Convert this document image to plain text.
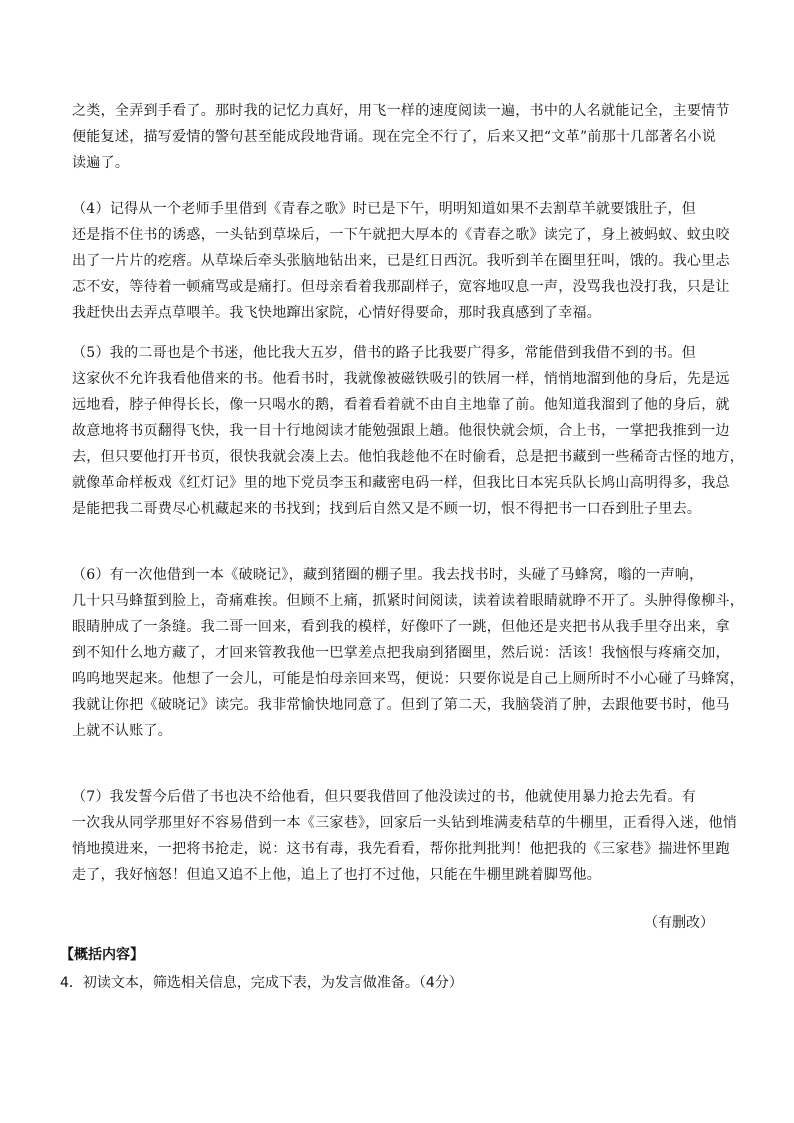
之类，全弄到手看了。那时我的记忆力真好，用飞一样的速度阅读一遍，书中的人名就能记全，主要情节
便能复述，描写爱情的警句甚至能成段地背诵。现在完全不行了，后来又把“文革”前那十几部著名小说
读遍了。
（4）记得从一个老师手里借到《青春之歌》时已是下午，明明知道如果不去割草羊就要饿肚子，但
还是指不住书的诱惑，一头钻到草垛后，一下午就把大厚本的《青春之歌》读完了，身上被蚂蚁、蚊虫咬
出了一片片的疙瘩。从草垛后牵头张脑地钻出来，已是红日西沉。我听到羊在圈里狂叫，饿的。我心里忐
忑不安，等待着一顿痛骂或是痛打。但母亲看着我那副样子，宽容地叹息一声，没骂我也没打我，只是让
我赶快出去弄点草喂羊。我飞快地蹿出家院，心情好得要命，那时我真感到了幸福。
（5）我的二哥也是个书迷，他比我大五岁，借书的路子比我要广得多，常能借到我借不到的书。但
这家伙不允许我看他借来的书。他看书时，我就像被磁铁吸引的铁屑一样，悄悄地溜到他的身后，先是远
远地看，脖子伸得长长，像一只喝水的鹅，看着看着就不由自主地靠了前。他知道我溜到了他的身后，就
故意地将书页翻得飞快，我一目十行地阅读才能勉强跟上趟。他很快就会烦，合上书，一掌把我推到一边
去，但只要他打开书页，很快我就会凑上去。他怕我趁他不在时偷看，总是把书藏到一些稀奇古怪的地方，
就像革命样板戏《红灯记》里的地下党员李玉和藏密电码一样，但我比日本宪兵队长鸠山高明得多，我总
是能把我二哥费尽心机藏起来的书找到；找到后自然又是不顾一切，恨不得把书一口吞到肚子里去。
（6）有一次他借到一本《破晓记》，藏到猪圈的棚子里。我去找书时，头碰了马蜂窝，嗡的一声响，
几十只马蜂蜇到脸上，奇痛难挨。但顾不上痛，抓紧时间阅读，读着读着眼睛就睁不开了。头肿得像柳斗，
眼睛肿成了一条缝。我二哥一回来，看到我的模样，好像吓了一跳，但他还是夹把书从我手里夺出来，拿
到不知什么地方藏了，才回来管教我他一巴掌差点把我扇到猪圈里，然后说：活该！我恼恨与疼痛交加，
呜呜地哭起来。他想了一会儿，可能是怕母亲回来骂，便说：只要你说是自己上厕所时不小心碰了马蜂窝，
我就让你把《破晓记》读完。我非常愉快地同意了。但到了第二天，我脑袋消了肿，去跟他要书时，他马
上就不认账了。
（7）我发誓今后借了书也决不给他看，但只要我借回了他没读过的书，他就使用暴力抢去先看。有
一次我从同学那里好不容易借到一本《三家巷》，回家后一头钻到堆满麦秸草的牛棚里，正看得入迷，他悄
悄地摸进来，一把将书抢走，说：这书有毒，我先看看，帮你批判批判！他把我的《三家巷》揣进怀里跑
走了，我好恼怒！但追又追不上他，追上了也打不过他，只能在牛棚里跳着脚骂他。
（有删改）
【概括内容】
4．初读文本，筛选相关信息，完成下表，为发言做准备。（4分）
